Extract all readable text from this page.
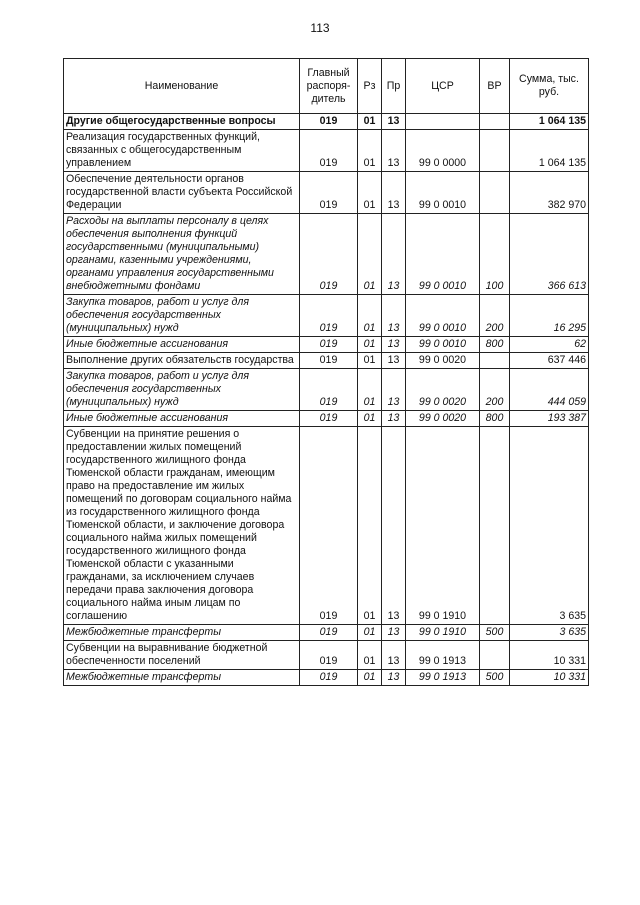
113
Наименование	Главный распоря-дитель	Рз	Пр	ЦСР	ВР	Сумма, тыс. руб.
Другие общегосударственные вопросы	019	01	13			1 064 135
Реализация государственных функций, связанных с общегосударственным управлением	019	01	13	99 0 0000		1 064 135
Обеспечение деятельности органов государственной власти субъекта Российской Федерации	019	01	13	99 0 0010		382 970
Расходы на выплаты персоналу в целях обеспечения выполнения функций государственными (муниципальными) органами, казенными учреждениями, органами управления государственными внебюджетными фондами	019	01	13	99 0 0010	100	366 613
Закупка товаров, работ и услуг для обеспечения государственных (муниципальных) нужд	019	01	13	99 0 0010	200	16 295
Иные бюджетные ассигнования	019	01	13	99 0 0010	800	62
Выполнение других обязательств государства	019	01	13	99 0 0020		637 446
Закупка товаров, работ и услуг для обеспечения государственных (муниципальных) нужд	019	01	13	99 0 0020	200	444 059
Иные бюджетные ассигнования	019	01	13	99 0 0020	800	193 387
Субвенции на принятие решения о предоставлении жилых помещений государственного жилищного фонда Тюменской области гражданам, имеющим право на предоставление им жилых помещений по договорам социального найма из государственного жилищного фонда Тюменской области, и заключение договора социального найма жилых помещений государственного жилищного фонда Тюменской области с указанными гражданами, за исключением случаев передачи права заключения договора социального найма иным лицам по соглашению	019	01	13	99 0 1910		3 635
Межбюджетные трансферты	019	01	13	99 0 1910	500	3 635
Субвенции на выравнивание бюджетной обеспеченности поселений	019	01	13	99 0 1913		10 331
Межбюджетные трансферты	019	01	13	99 0 1913	500	10 331
